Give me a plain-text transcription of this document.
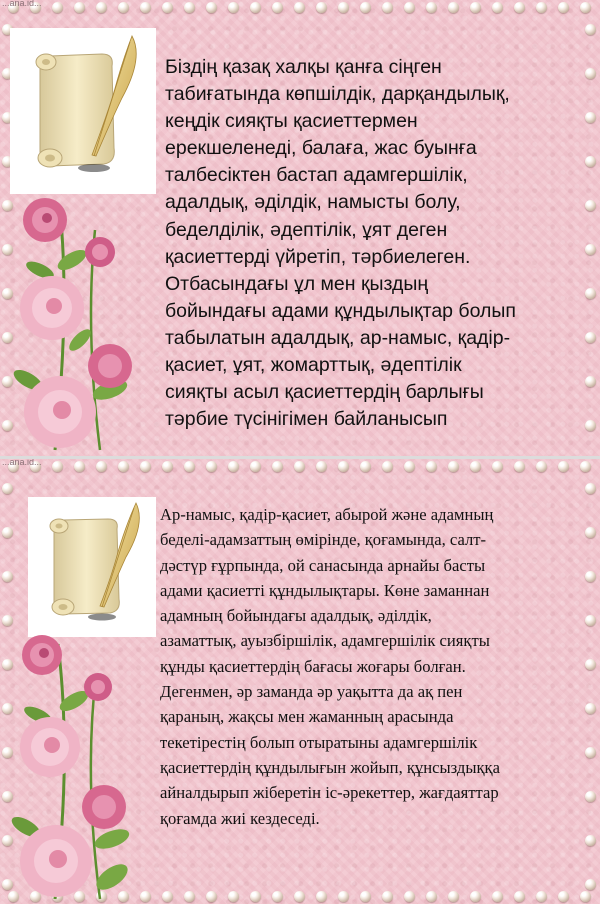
...ana.id...

Біздің қазақ халқы қанға сіңген
табиғатында көпшілдік, дарқандылық,
кеңдік сияқты қасиеттермен
ерекшеленеді, балаға, жас буынға
талбесіктен бастап адамгершілік,
адалдық, әділдік, намысты болу,
беделділік, әдептілік, ұят деген
қасиеттерді үйретіп, тәрбиелеген.
Отбасындағы ұл мен қыздың
бойындағы адами құндылықтар болып
табылатын адалдық, ар-намыс, қадір-
қасиет, ұят, жомарттық, әдептілік
сияқты асыл қасиеттердің барлығы
тәрбие түсінігімен байланысып

...ana.id...

Ар-намыс, қадір-қасиет, абырой және адамның
беделі-адамзаттың өмірінде, қоғамында, салт-
дәстүр ғұрпында, ой санасында арнайы басты
адами қасиетті құндылықтары. Көне заманнан
адамның бойындағы адалдық, әділдік,
азаматтық, ауызбіршілік, адамгершілік сияқты
құнды қасиеттердің бағасы жоғары болған.
Дегенмен, әр заманда әр уақытта да ақ пен
қараның, жақсы мен жаманның арасында
текетірестің болып отыратыны адамгершілік
қасиеттердің құндылығын жойып, құнсыздыққа
айналдырып жіберетін іс-әрекеттер, жағдаяттар
қоғамда жиі кездеседі.
